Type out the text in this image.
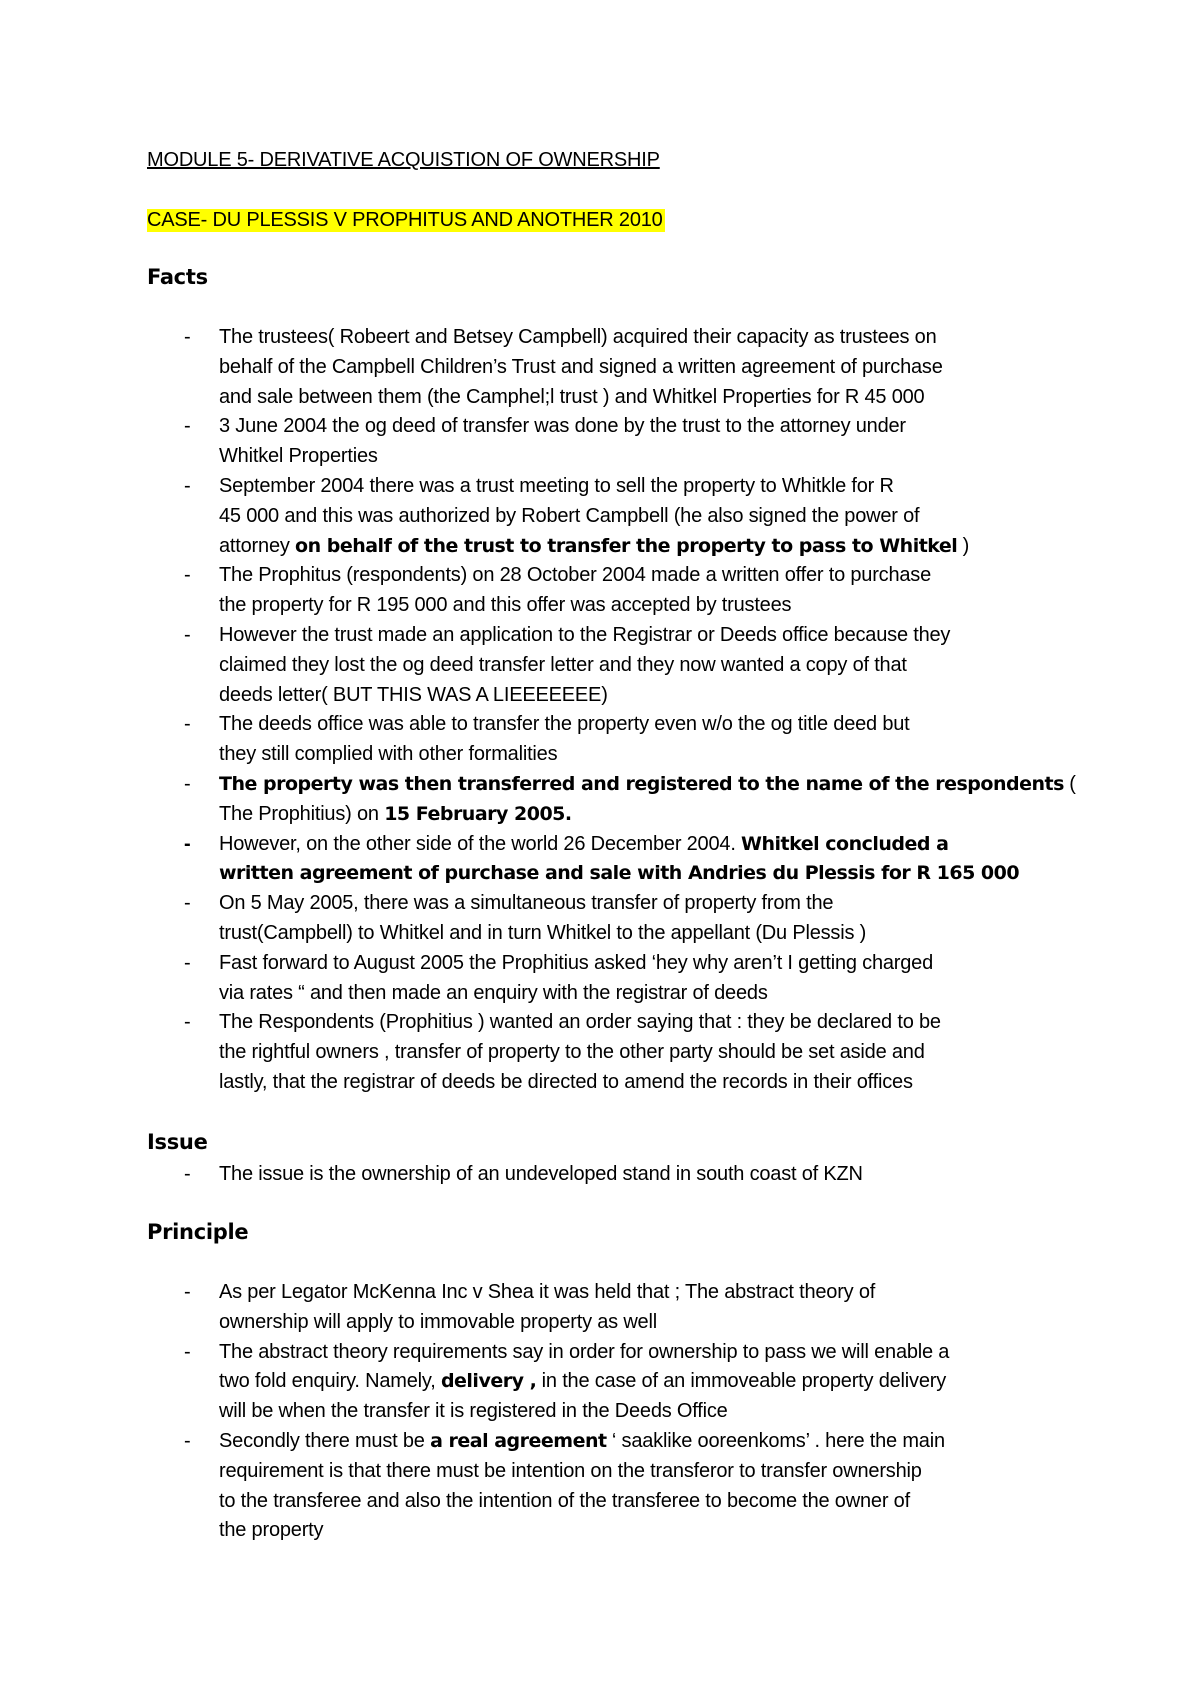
MODULE 5- DERIVATIVE ACQUISTION OF OWNERSHIP
CASE- DU PLESSIS V PROPHITUS AND ANOTHER 2010
Facts
- The trustees( Robeert and Betsey Campbell) acquired their capacity as trustees on
behalf of the Campbell Children’s Trust and signed a written agreement of purchase
and sale between them (the Camphel;l trust ) and Whitkel Properties for R 45 000
- 3 June 2004 the og deed of transfer was done by the trust to the attorney under
Whitkel Properties
- September 2004 there was a trust meeting to sell the property to Whitkle for R
45 000 and this was authorized by Robert Campbell (he also signed the power of
attorney on behalf of the trust to transfer the property to pass to Whitkel )
- The Prophitus (respondents) on 28 October 2004 made a written offer to purchase
the property for R 195 000 and this offer was accepted by trustees
- However the trust made an application to the Registrar or Deeds office because they
claimed they lost the og deed transfer letter and they now wanted a copy of that
deeds letter( BUT THIS WAS A LIEEEEEEE)
- The deeds office was able to transfer the property even w/o the og title deed but
they still complied with other formalities
- The property was then transferred and registered to the name of the respondents (
The Prophitius) on 15 February 2005.
- However, on the other side of the world 26 December 2004. Whitkel concluded a
written agreement of purchase and sale with Andries du Plessis for R 165 000
- On 5 May 2005, there was a simultaneous transfer of property from the
trust(Campbell) to Whitkel and in turn Whitkel to the appellant (Du Plessis )
- Fast forward to August 2005 the Prophitius asked ‘hey why aren’t I getting charged
via rates “ and then made an enquiry with the registrar of deeds
- The Respondents (Prophitius ) wanted an order saying that : they be declared to be
the rightful owners , transfer of property to the other party should be set aside and
lastly, that the registrar of deeds be directed to amend the records in their offices
Issue
- The issue is the ownership of an undeveloped stand in south coast of KZN
Principle
- As per Legator McKenna Inc v Shea it was held that ; The abstract theory of
ownership will apply to immovable property as well
- The abstract theory requirements say in order for ownership to pass we will enable a
two fold enquiry. Namely, delivery , in the case of an immoveable property delivery
will be when the transfer it is registered in the Deeds Office
- Secondly there must be a real agreement ‘ saaklike ooreenkoms’ . here the main
requirement is that there must be intention on the transferor to transfer ownership
to the transferee and also the intention of the transferee to become the owner of
the property
